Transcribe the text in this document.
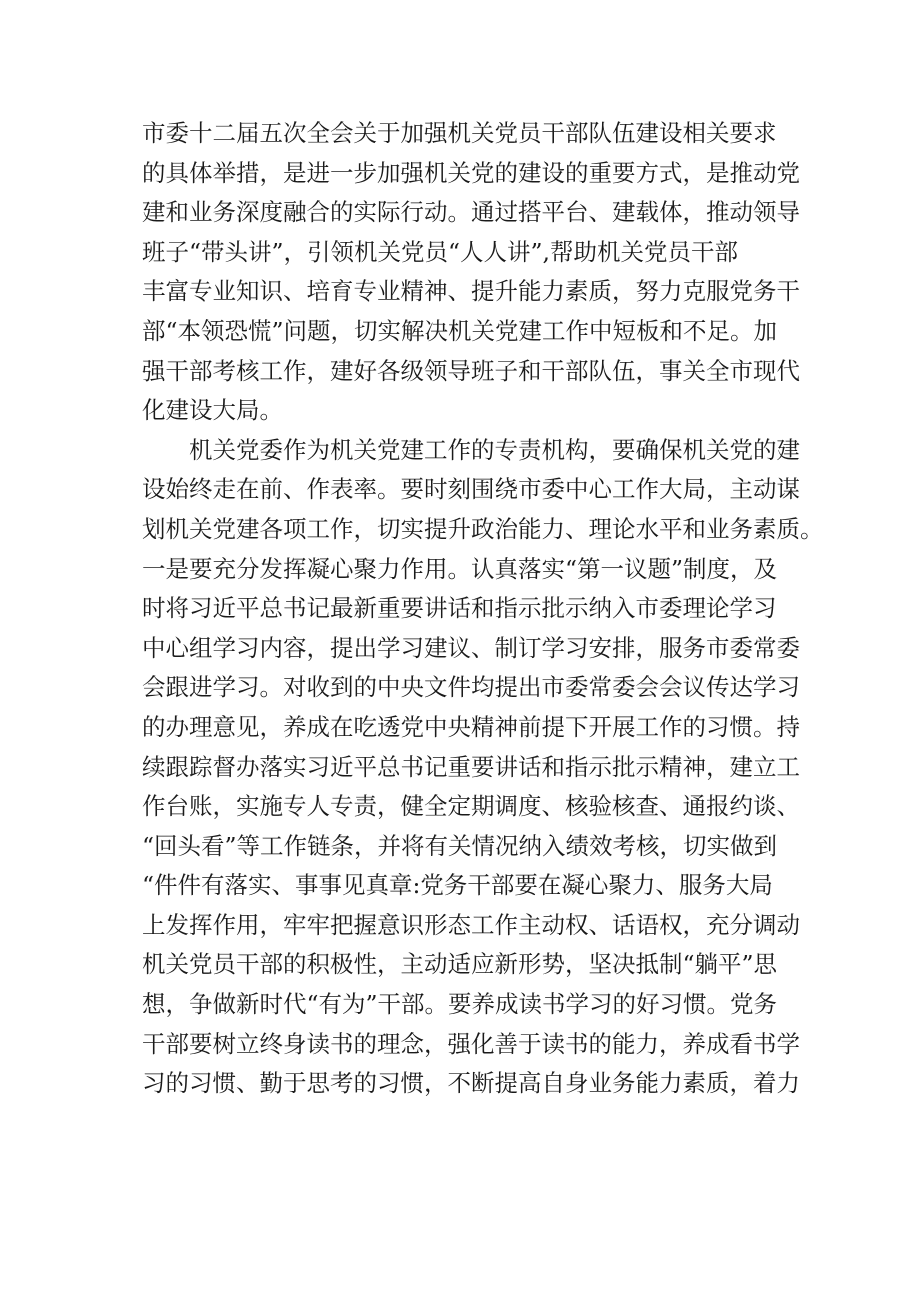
市委十二届五次全会关于加强机关党员干部队伍建设相关要求
的具体举措，是进一步加强机关党的建设的重要方式，是推动党
建和业务深度融合的实际行动。通过搭平台、建载体，推动领导
班子“带头讲”，引领机关党员“人人讲”,帮助机关党员干部
丰富专业知识、培育专业精神、提升能力素质，努力克服党务干
部“本领恐慌”问题，切实解决机关党建工作中短板和不足。加
强干部考核工作，建好各级领导班子和干部队伍，事关全市现代
化建设大局。
　　机关党委作为机关党建工作的专责机构，要确保机关党的建
设始终走在前、作表率。要时刻围绕市委中心工作大局，主动谋
划机关党建各项工作，切实提升政治能力、理论水平和业务素质。
一是要充分发挥凝心聚力作用。认真落实“第一议题”制度，及
时将习近平总书记最新重要讲话和指示批示纳入市委理论学习
中心组学习内容，提出学习建议、制订学习安排，服务市委常委
会跟进学习。对收到的中央文件均提出市委常委会会议传达学习
的办理意见，养成在吃透党中央精神前提下开展工作的习惯。持
续跟踪督办落实习近平总书记重要讲话和指示批示精神，建立工
作台账，实施专人专责，健全定期调度、核验核查、通报约谈、
“回头看”等工作链条，并将有关情况纳入绩效考核，切实做到
“件件有落实、事事见真章:党务干部要在凝心聚力、服务大局
上发挥作用，牢牢把握意识形态工作主动权、话语权，充分调动
机关党员干部的积极性，主动适应新形势，坚决抵制“躺平”思
想，争做新时代“有为”干部。要养成读书学习的好习惯。党务
干部要树立终身读书的理念，强化善于读书的能力，养成看书学
习的习惯、勤于思考的习惯，不断提高自身业务能力素质，着力
